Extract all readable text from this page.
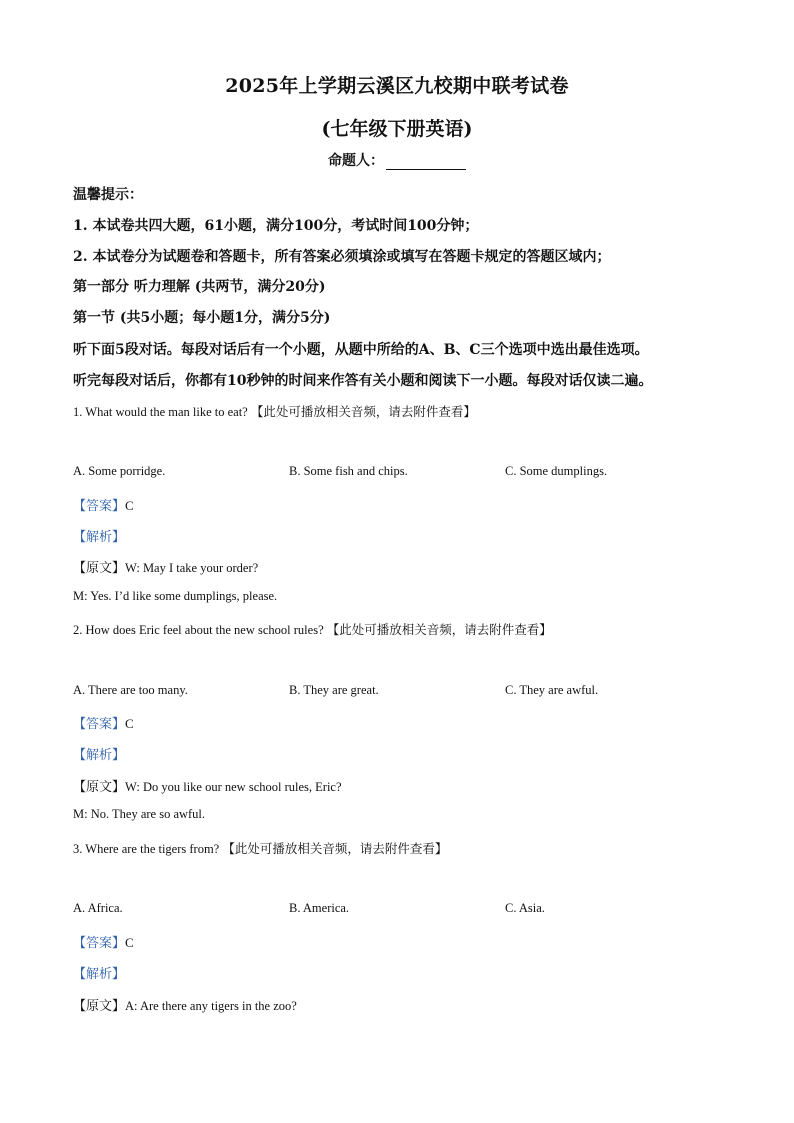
2025年上学期云溪区九校期中联考试卷
(七年级下册英语)
命题人：
温馨提示：
1. 本试卷共四大题，61小题，满分100分，考试时间100分钟；
2. 本试卷分为试题卷和答题卡，所有答案必须填涂或填写在答题卡规定的答题区域内；
第一部分 听力理解 (共两节，满分20分)
第一节 (共5小题；每小题1分，满分5分)
听下面5段对话。每段对话后有一个小题，从题中所给的A、B、C三个选项中选出最佳选项。
听完每段对话后，你都有10秒钟的时间来作答有关小题和阅读下一小题。每段对话仅读二遍。
1. What would the man like to eat? 【此处可播放相关音频，请去附件查看】
A. Some porridge.	B. Some fish and chips.	C. Some dumplings.
【答案】C
【解析】
【原文】W: May I take your order?
M: Yes. I’d like some dumplings, please.
2. How does Eric feel about the new school rules? 【此处可播放相关音频，请去附件查看】
A. There are too many.	B. They are great.	C. They are awful.
【答案】C
【解析】
【原文】W: Do you like our new school rules, Eric?
M: No. They are so awful.
3. Where are the tigers from? 【此处可播放相关音频，请去附件查看】
A. Africa.	B. America.	C. Asia.
【答案】C
【解析】
【原文】A: Are there any tigers in the zoo?
